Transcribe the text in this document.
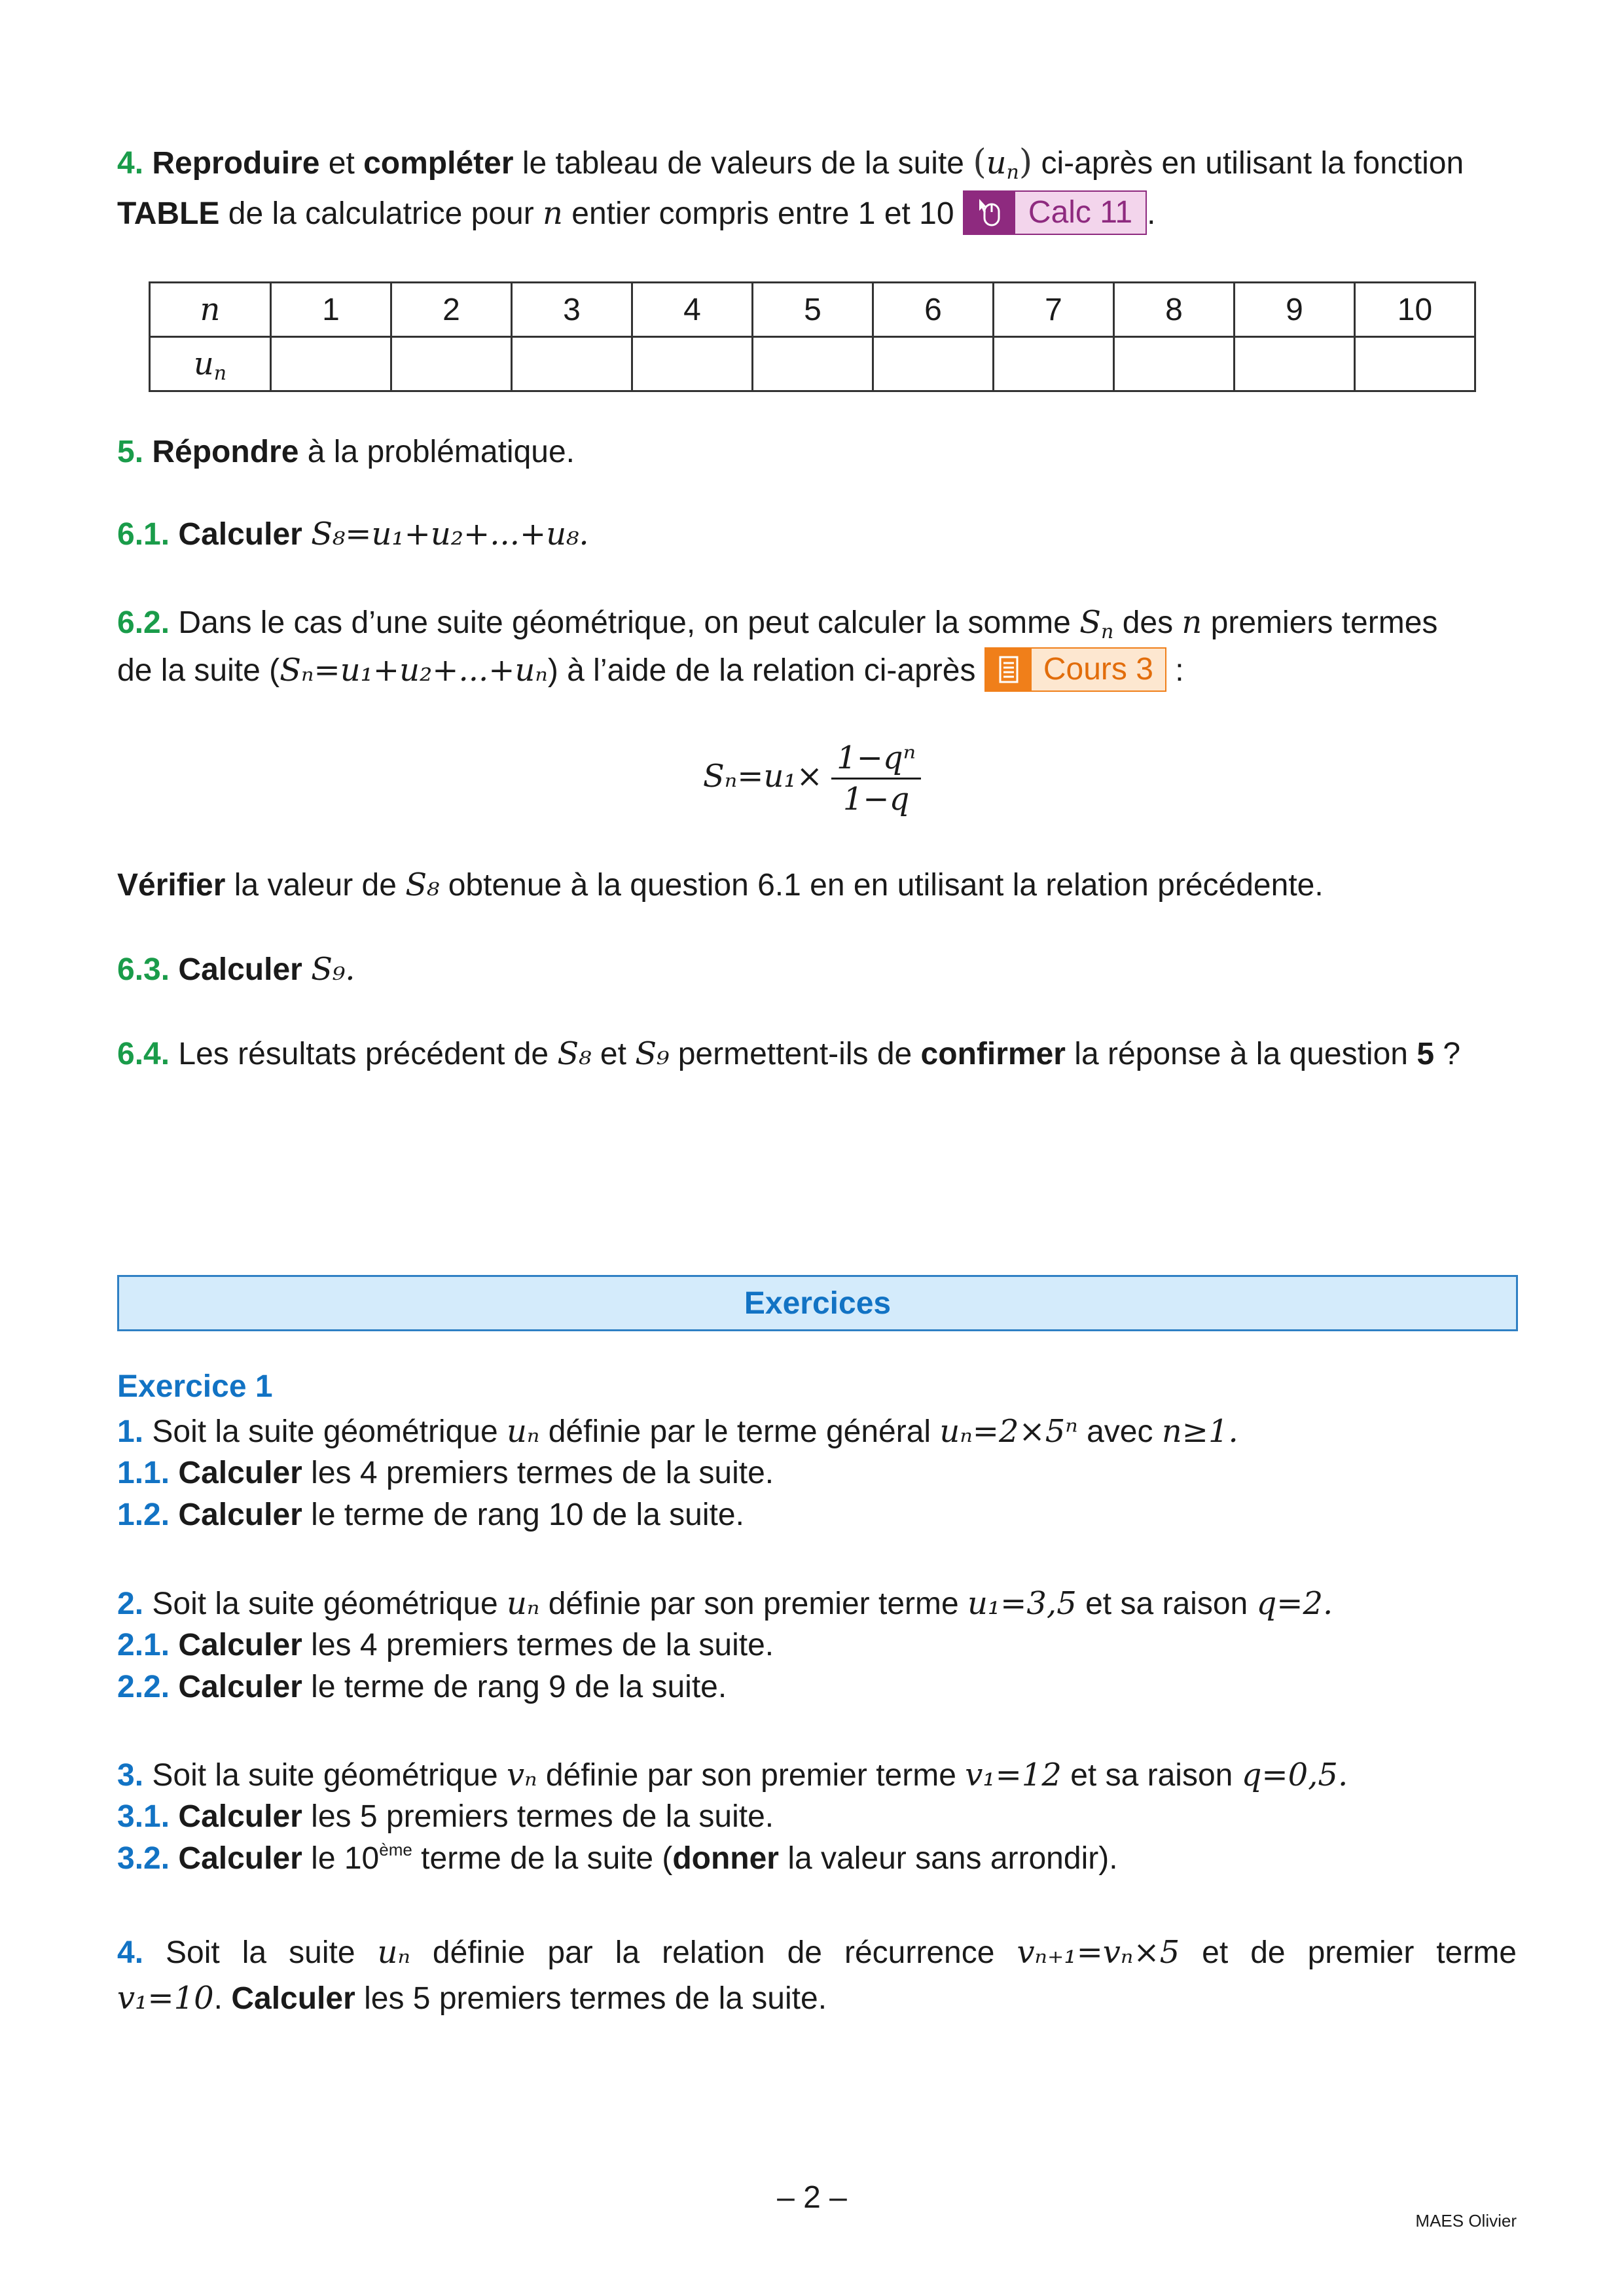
4. Reproduire et compléter le tableau de valeurs de la suite $(u_n)$ ci-après en utilisant la fonction
TABLE de la calculatrice pour n entier compris entre 1 et 10	Calc 11 .
n	1	2	3	4	5	6	7	8	9	10
$u_n$										
5. Répondre à la problématique.
6.1. Calculer S₈=u₁+u₂+...+u₈.
6.2. Dans le cas d’une suite géométrique, on peut calculer la somme $S_n$ des n premiers termes
de la suite (Sₙ=u₁+u₂+...+uₙ) à l’aide de la relation ci-après	Cours 3 :
$S_n=u_1\times \frac{\text{1−qⁿ}}{1-q}$
Vérifier la valeur de S₈ obtenue à la question 6.1 en en utilisant la relation précédente.
6.3. Calculer S₉.
6.4. Les résultats précédent de S₈ et S₉ permettent-ils de confirmer la réponse à la question 5 ?
Exercices
Exercice 1
1. Soit la suite géométrique uₙ définie par le terme général uₙ=2×5ⁿ avec n≥1.
1.1. Calculer les 4 premiers termes de la suite.
1.2. Calculer le terme de rang 10 de la suite.
2. Soit la suite géométrique uₙ définie par son premier terme u₁=3,5 et sa raison q=2.
2.1. Calculer les 4 premiers termes de la suite.
2.2. Calculer le terme de rang 9 de la suite.
3. Soit la suite géométrique vₙ définie par son premier terme v₁=12 et sa raison q=0,5.
3.1. Calculer les 5 premiers termes de la suite.
3.2. Calculer le 10ème terme de la suite (donner la valeur sans arrondir).
4. Soit la suite uₙ définie par la relation de récurrence vₙ₊₁=vₙ×5 et de premier terme
v₁=10. Calculer les 5 premiers termes de la suite.
– 2 –
MAES Olivier
